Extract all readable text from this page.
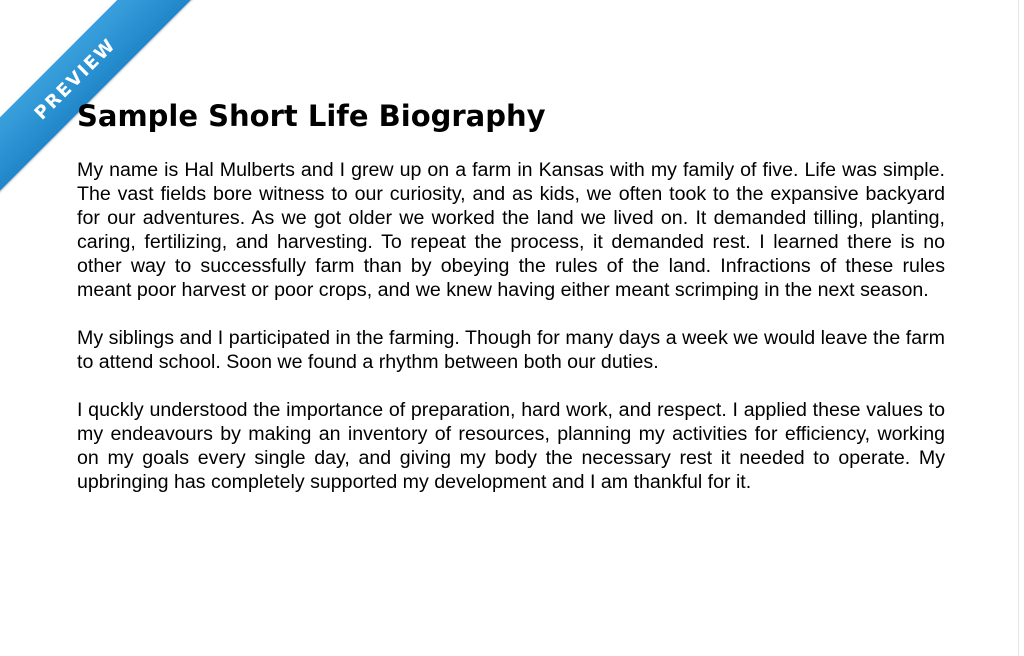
PREVIEW
Sample Short Life Biography

My name is Hal Mulberts and I grew up on a farm in Kansas with my family of five. Life was simple. The vast fields bore witness to our curiosity, and as kids, we often took to the expansive backyard for our adventures. As we got older we worked the land we lived on. It demanded tilling, planting, caring, fertilizing, and harvesting. To repeat the process, it demanded rest. I learned there is no other way to successfully farm than by obeying the rules of the land. Infractions of these rules meant poor harvest or poor crops, and we knew having either meant scrimping in the next season.

My siblings and I participated in the farming. Though for many days a week we would leave the farm to attend school. Soon we found a rhythm between both our duties.

I quckly understood the importance of preparation, hard work, and respect. I applied these values to my endeavours by making an inventory of resources, planning my activities for efficiency, working on my goals every single day, and giving my body the necessary rest it needed to operate. My upbringing has completely supported my development and I am thankful for it.
